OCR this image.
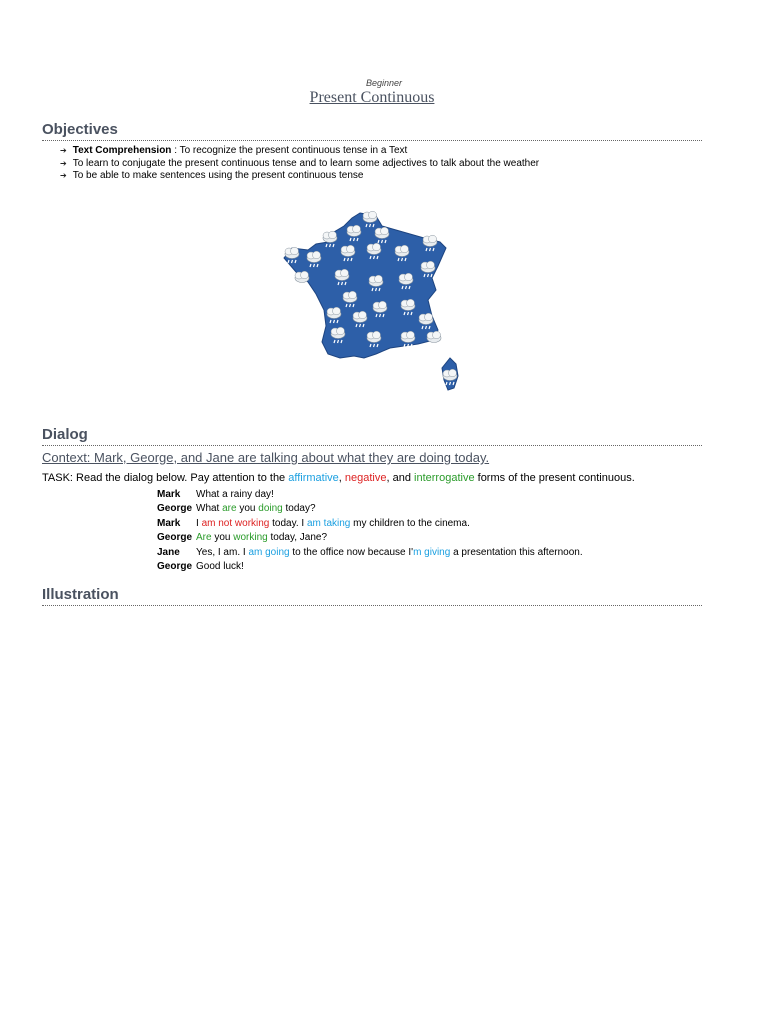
Beginner
Present Continuous
Objectives
➔ Text Comprehension : To recognize the present continuous tense in a Text
➔ To learn to conjugate the present continuous tense and to learn some adjectives to talk about the weather
➔ To be able to make sentences using the present continuous tense
Dialog
Context: Mark, George, and Jane are talking about what they are doing today.
TASK: Read the dialog below. Pay attention to the affirmative, negative, and interrogative forms of the present continuous.
Mark	What a rainy day!
George What are you doing today?
Mark	I am not working today. I am taking my children to the cinema.
George Are you working today, Jane?
Jane	Yes, I am. I am going to the office now because I'm giving a presentation this afternoon.
George Good luck!
Illustration
